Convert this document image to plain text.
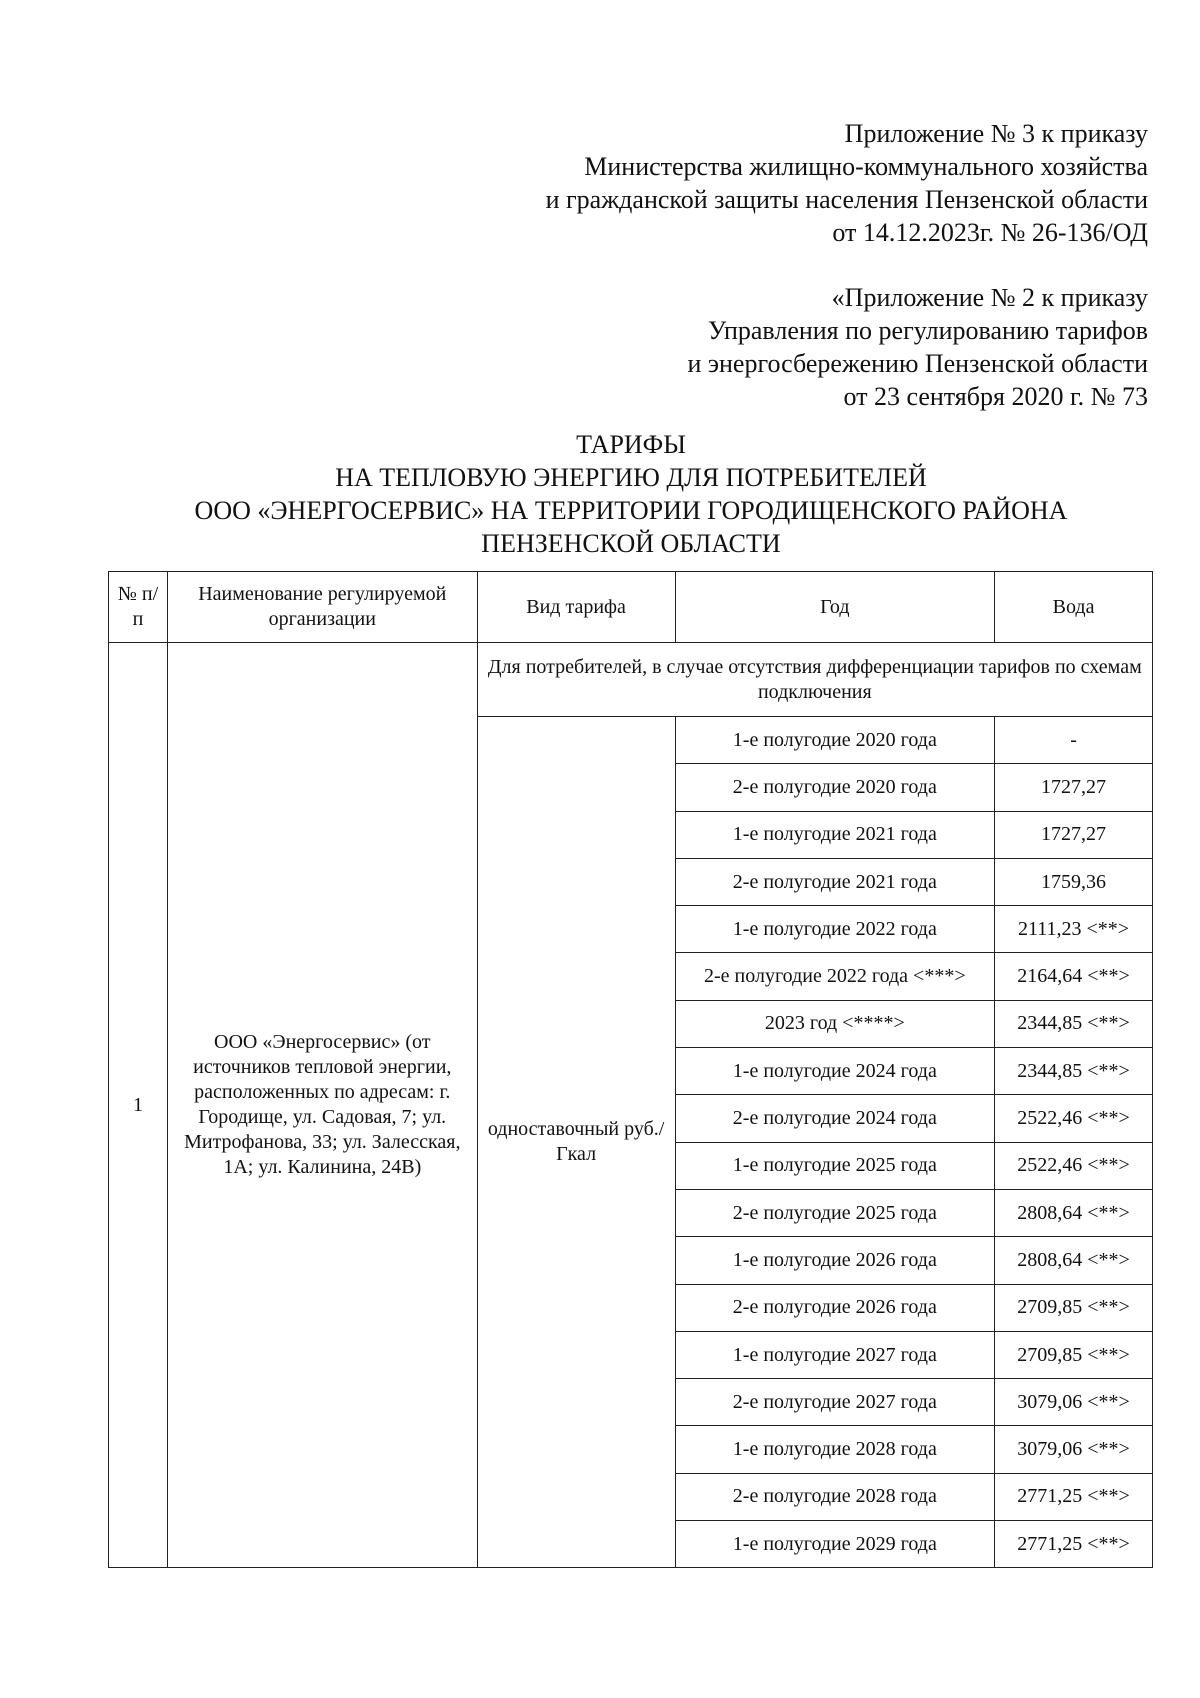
Приложение № 3 к приказу
Министерства жилищно-коммунального хозяйства
и гражданской защиты населения Пензенской области
от 14.12.2023г. № 26-136/ОД
«Приложение № 2 к приказу
Управления по регулированию тарифов
и энергосбережению Пензенской области
от 23 сентября 2020 г. № 73
ТАРИФЫ
НА ТЕПЛОВУЮ ЭНЕРГИЮ ДЛЯ ПОТРЕБИТЕЛЕЙ
ООО «ЭНЕРГОСЕРВИС» НА ТЕРРИТОРИИ ГОРОДИЩЕНСКОГО РАЙОНА
ПЕНЗЕНСКОЙ ОБЛАСТИ
№ п/п	Наименование регулируемой организации	Вид тарифа	Год	Вода
1	ООО «Энергосервис» (от источников тепловой энергии, расположенных по адресам: г. Городище, ул. Садовая, 7; ул. Митрофанова, 33; ул. Залесская, 1А; ул. Калинина, 24В)	Для потребителей, в случае отсутствия дифференциации тарифов по схемам подключения		
		одноставочный руб./Гкал	1-е полугодие 2020 года	-
			2-е полугодие 2020 года	1727,27
			1-е полугодие 2021 года	1727,27
			2-е полугодие 2021 года	1759,36
			1-е полугодие 2022 года	2111,23 <**>
			2-е полугодие 2022 года <***>	2164,64 <**>
			2023 год <****>	2344,85 <**>
			1-е полугодие 2024 года	2344,85 <**>
			2-е полугодие 2024 года	2522,46 <**>
			1-е полугодие 2025 года	2522,46 <**>
			2-е полугодие 2025 года	2808,64 <**>
			1-е полугодие 2026 года	2808,64 <**>
			2-е полугодие 2026 года	2709,85 <**>
			1-е полугодие 2027 года	2709,85 <**>
			2-е полугодие 2027 года	3079,06 <**>
			1-е полугодие 2028 года	3079,06 <**>
			2-е полугодие 2028 года	2771,25 <**>
			1-е полугодие 2029 года	2771,25 <**>
